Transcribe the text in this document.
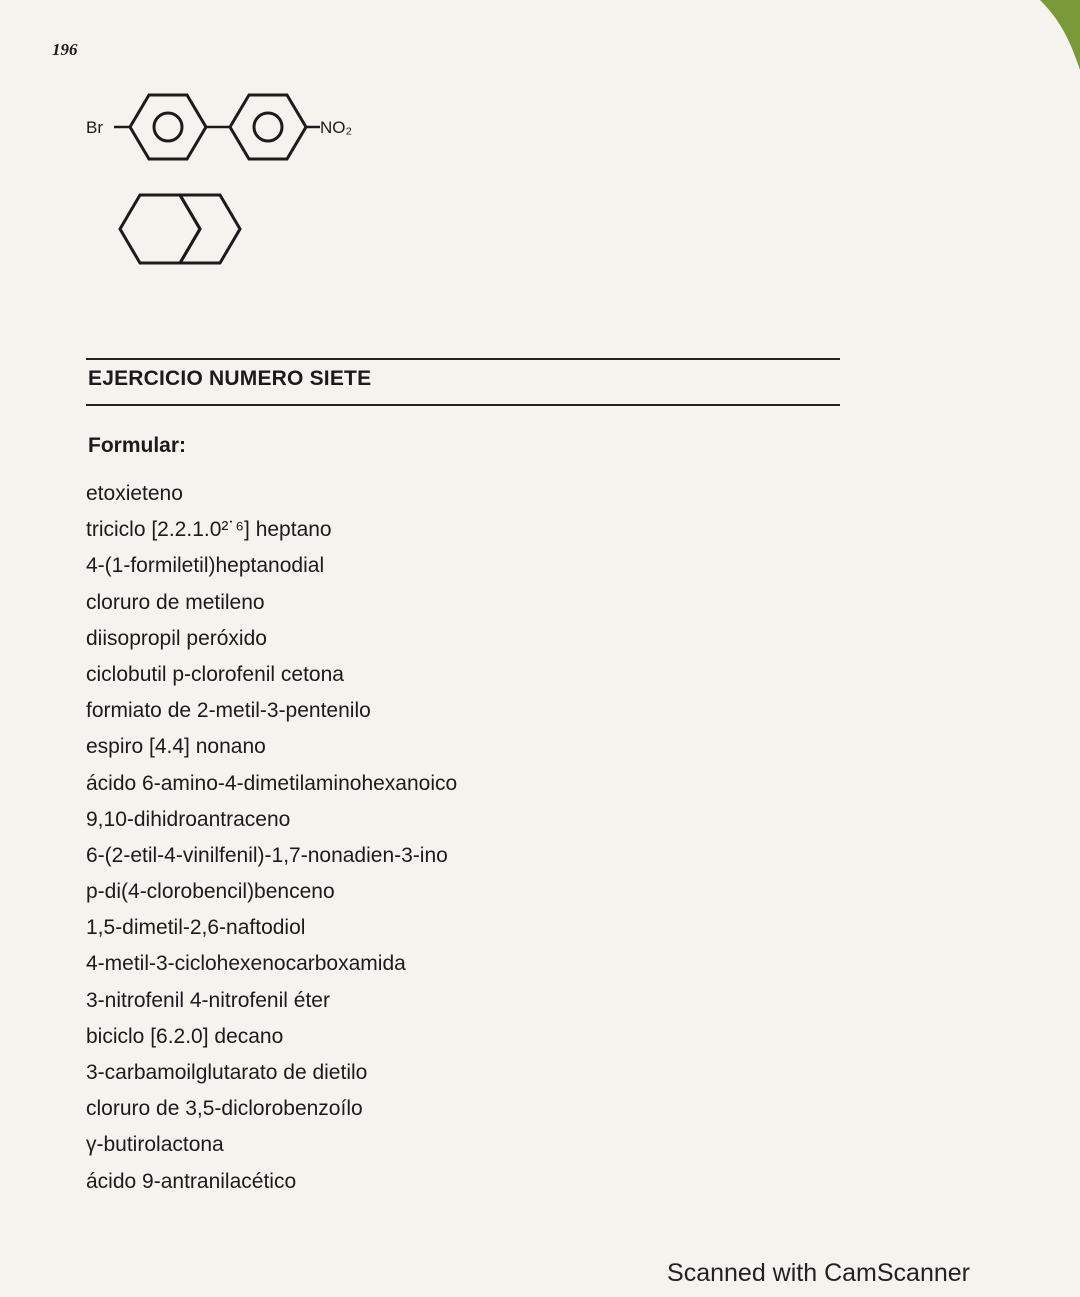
196
Br	NO₂
EJERCICIO NUMERO SIETE
Formular:
etoxieteno
triciclo [2.2.1.0²˙⁶] heptano
4-(1-formiletil)heptanodial
cloruro de metileno
diisopropil peróxido
ciclobutil p-clorofenil cetona
formiato de 2-metil-3-pentenilo
espiro [4.4] nonano
ácido 6-amino-4-dimetilaminohexanoico
9,10-dihidroantraceno
6-(2-etil-4-vinilfenil)-1,7-nonadien-3-ino
p-di(4-clorobencil)benceno
1,5-dimetil-2,6-naftodiol
4-metil-3-ciclohexenocarboxamida
3-nitrofenil 4-nitrofenil éter
biciclo [6.2.0] decano
3-carbamoilglutarato de dietilo
cloruro de 3,5-diclorobenzoílo
γ-butirolactona
ácido 9-antranilacético
Scanned with CamScanner
